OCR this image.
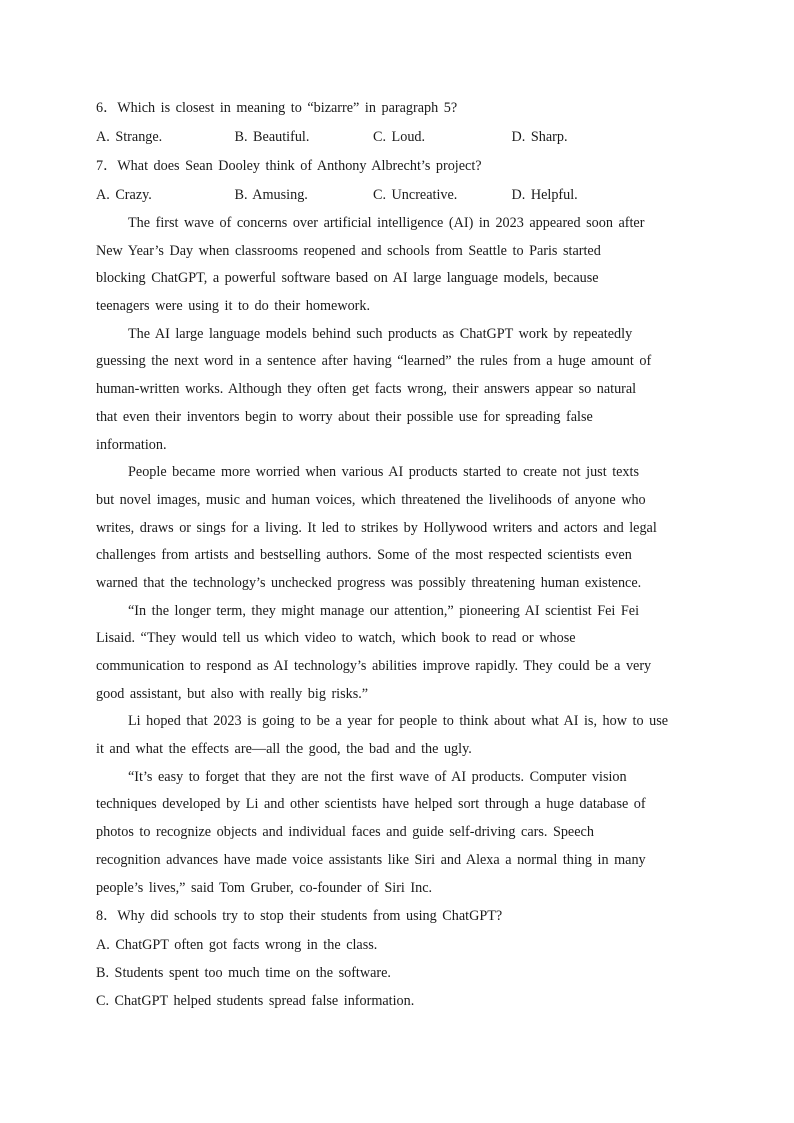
6．Which is closest in meaning to “bizarre” in paragraph 5?
A. Strange.	B. Beautiful.	C. Loud.	D. Sharp.
7．What does Sean Dooley think of Anthony Albrecht’s project?
A. Crazy.	B. Amusing.	C. Uncreative.	D. Helpful.
The first wave of concerns over artificial intelligence (AI) in 2023 appeared soon after
New Year’s Day when classrooms reopened and schools from Seattle to Paris started
blocking ChatGPT, a powerful software based on AI large language models, because
teenagers were using it to do their homework.
The AI large language models behind such products as ChatGPT work by repeatedly
guessing the next word in a sentence after having “learned” the rules from a huge amount of
human-written works. Although they often get facts wrong, their answers appear so natural
that even their inventors begin to worry about their possible use for spreading false
information.
People became more worried when various AI products started to create not just texts
but novel images, music and human voices, which threatened the livelihoods of anyone who
writes, draws or sings for a living. It led to strikes by Hollywood writers and actors and legal
challenges from artists and bestselling authors. Some of the most respected scientists even
warned that the technology’s unchecked progress was possibly threatening human existence.
“In the longer term, they might manage our attention,” pioneering AI scientist Fei Fei
Lisaid. “They would tell us which video to watch, which book to read or whose
communication to respond as AI technology’s abilities improve rapidly. They could be a very
good assistant, but also with really big risks.”
Li hoped that 2023 is going to be a year for people to think about what AI is, how to use
it and what the effects are—all the good, the bad and the ugly.
“It’s easy to forget that they are not the first wave of AI products. Computer vision
techniques developed by Li and other scientists have helped sort through a huge database of
photos to recognize objects and individual faces and guide self-driving cars. Speech
recognition advances have made voice assistants like Siri and Alexa a normal thing in many
people’s lives,” said Tom Gruber, co-founder of Siri Inc.
8．Why did schools try to stop their students from using ChatGPT?
A. ChatGPT often got facts wrong in the class.
B. Students spent too much time on the software.
C. ChatGPT helped students spread false information.
